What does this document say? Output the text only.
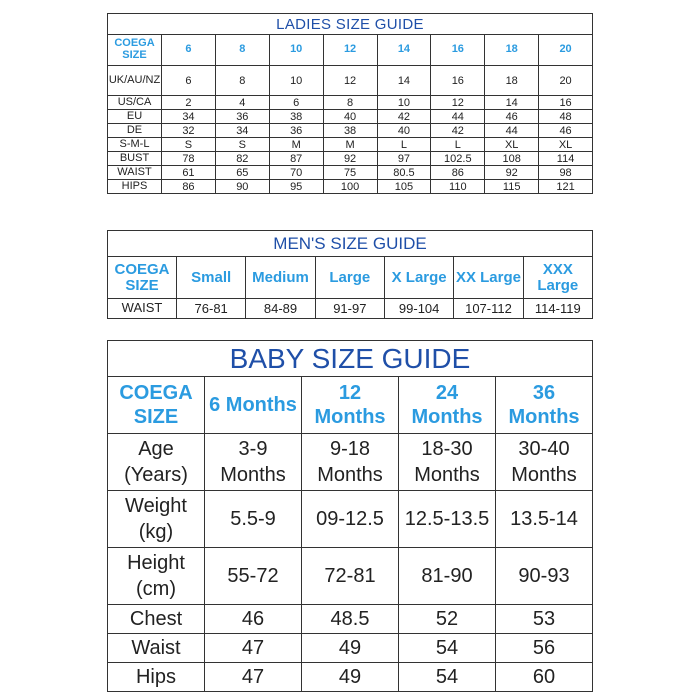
LADIES SIZE GUIDE								
COEGA SIZE	6	8	10	12	14	16	18	20
UK/AU/NZ	6	8	10	12	14	16	18	20
US/CA	2	4	6	8	10	12	14	16
EU	34	36	38	40	42	44	46	48
DE	32	34	36	38	40	42	44	46
S-M-L	S	S	M	M	L	L	XL	XL
BUST	78	82	87	92	97	102.5	108	114
WAIST	61	65	70	75	80.5	86	92	98
HIPS	86	90	95	100	105	110	115	121
MEN'S SIZE GUIDE						
COEGA SIZE	Small	Medium	Large	X Large	XX Large	XXX Large
WAIST	76-81	84-89	91-97	99-104	107-112	114-119
BABY SIZE GUIDE				
COEGA SIZE	6 Months	12 Months	24 Months	36 Months
Age (Years)	3-9 Months	9-18 Months	18-30 Months	30-40 Months
Weight (kg)	5.5-9	09-12.5	12.5-13.5	13.5-14
Height (cm)	55-72	72-81	81-90	90-93
Chest	46	48.5	52	53
Waist	47	49	54	56
Hips	47	49	54	60
